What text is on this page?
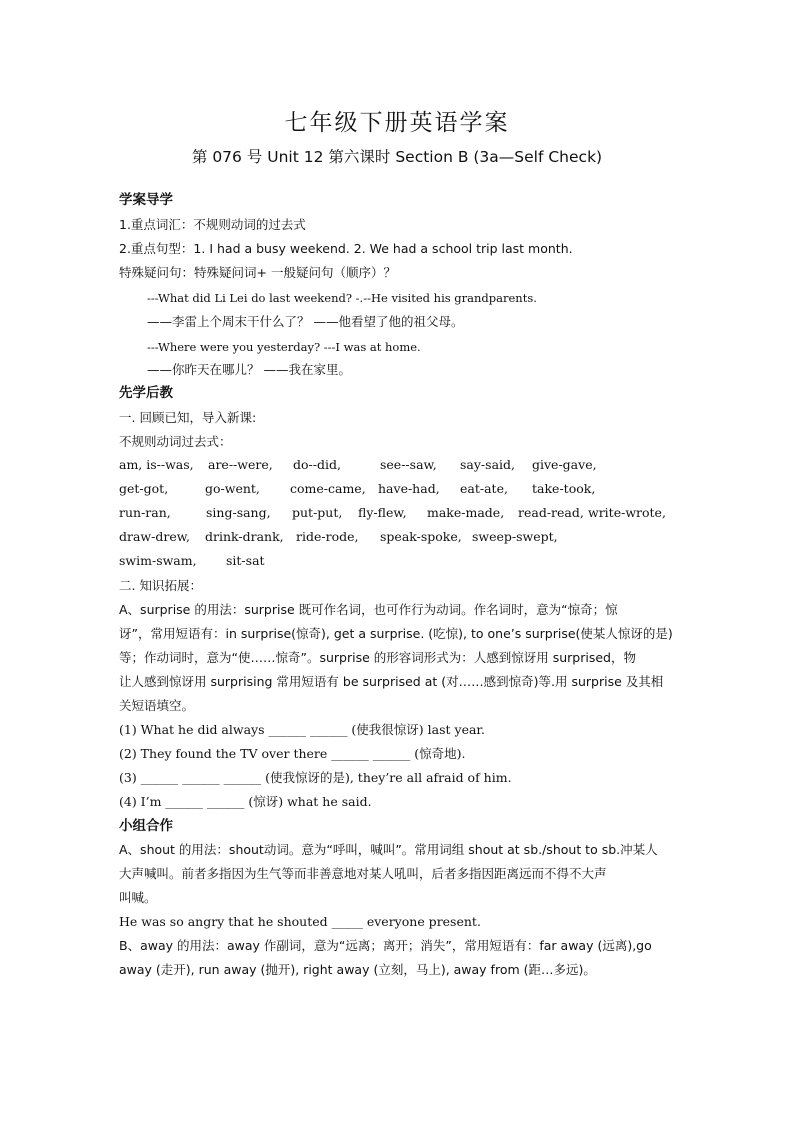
七年级下册英语学案
第 076 号 Unit 12 第六课时 Section B (3a—Self Check)
学案导学
1.重点词汇：不规则动词的过去式
2.重点句型：1. I had a busy weekend. 2. We had a school trip last month.
特殊疑问句：特殊疑问词+ 一般疑问句（顺序）？
---What did Li Lei do last weekend? -.--He visited his grandparents.
——李雷上个周末干什么了？ ——他看望了他的祖父母。
---Where were you yesterday? ---I was at home.
——你昨天在哪儿？ ——我在家里。
先学后教
一. 回顾已知，导入新课:
不规则动词过去式：
am, is--was, are--were, do--did,	see--saw, say-said, give-gave,
get-got,	go-went, come-came, have-had, eat-ate, take-took,
run-ran,	sing-sang, put-put, fly-flew, make-made, read-read, write-wrote,
draw-drew, drink-drank, ride-rode, speak-spoke, sweep-swept,
swim-swam, sit-sat
二. 知识拓展：
A、surprise 的用法：surprise 既可作名词，也可作行为动词。作名词时，意为“惊奇；惊
讶”，常用短语有：in surprise(惊奇), get a surprise. (吃惊), to one’s surprise(使某人惊讶的是)
等；作动词时，意为“使……惊奇”。surprise 的形容词形式为：人感到惊讶用 surprised，物
让人感到惊讶用 surprising 常用短语有 be surprised at (对……感到惊奇)等.用 surprise 及其相
关短语填空。
(1) What he did always ______ ______ (使我很惊讶) last year.
(2) They found the TV over there ______ ______ (惊奇地).
(3) ______ ______ ______ (使我惊讶的是), they’re all afraid of him.
(4) I’m ______ ______ (惊讶) what he said.
小组合作
A、shout 的用法：shout动词。意为“呼叫，喊叫”。常用词组 shout at sb./shout to sb.冲某人
大声喊叫。前者多指因为生气等而非善意地对某人吼叫，后者多指因距离远而不得不大声
叫喊。
He was so angry that he shouted _____ everyone present.
B、away 的用法：away 作副词，意为“远离；离开；消失”，常用短语有：far away (远离),go
away (走开), run away (抛开), right away (立刻，马上), away from (距…多远)。
